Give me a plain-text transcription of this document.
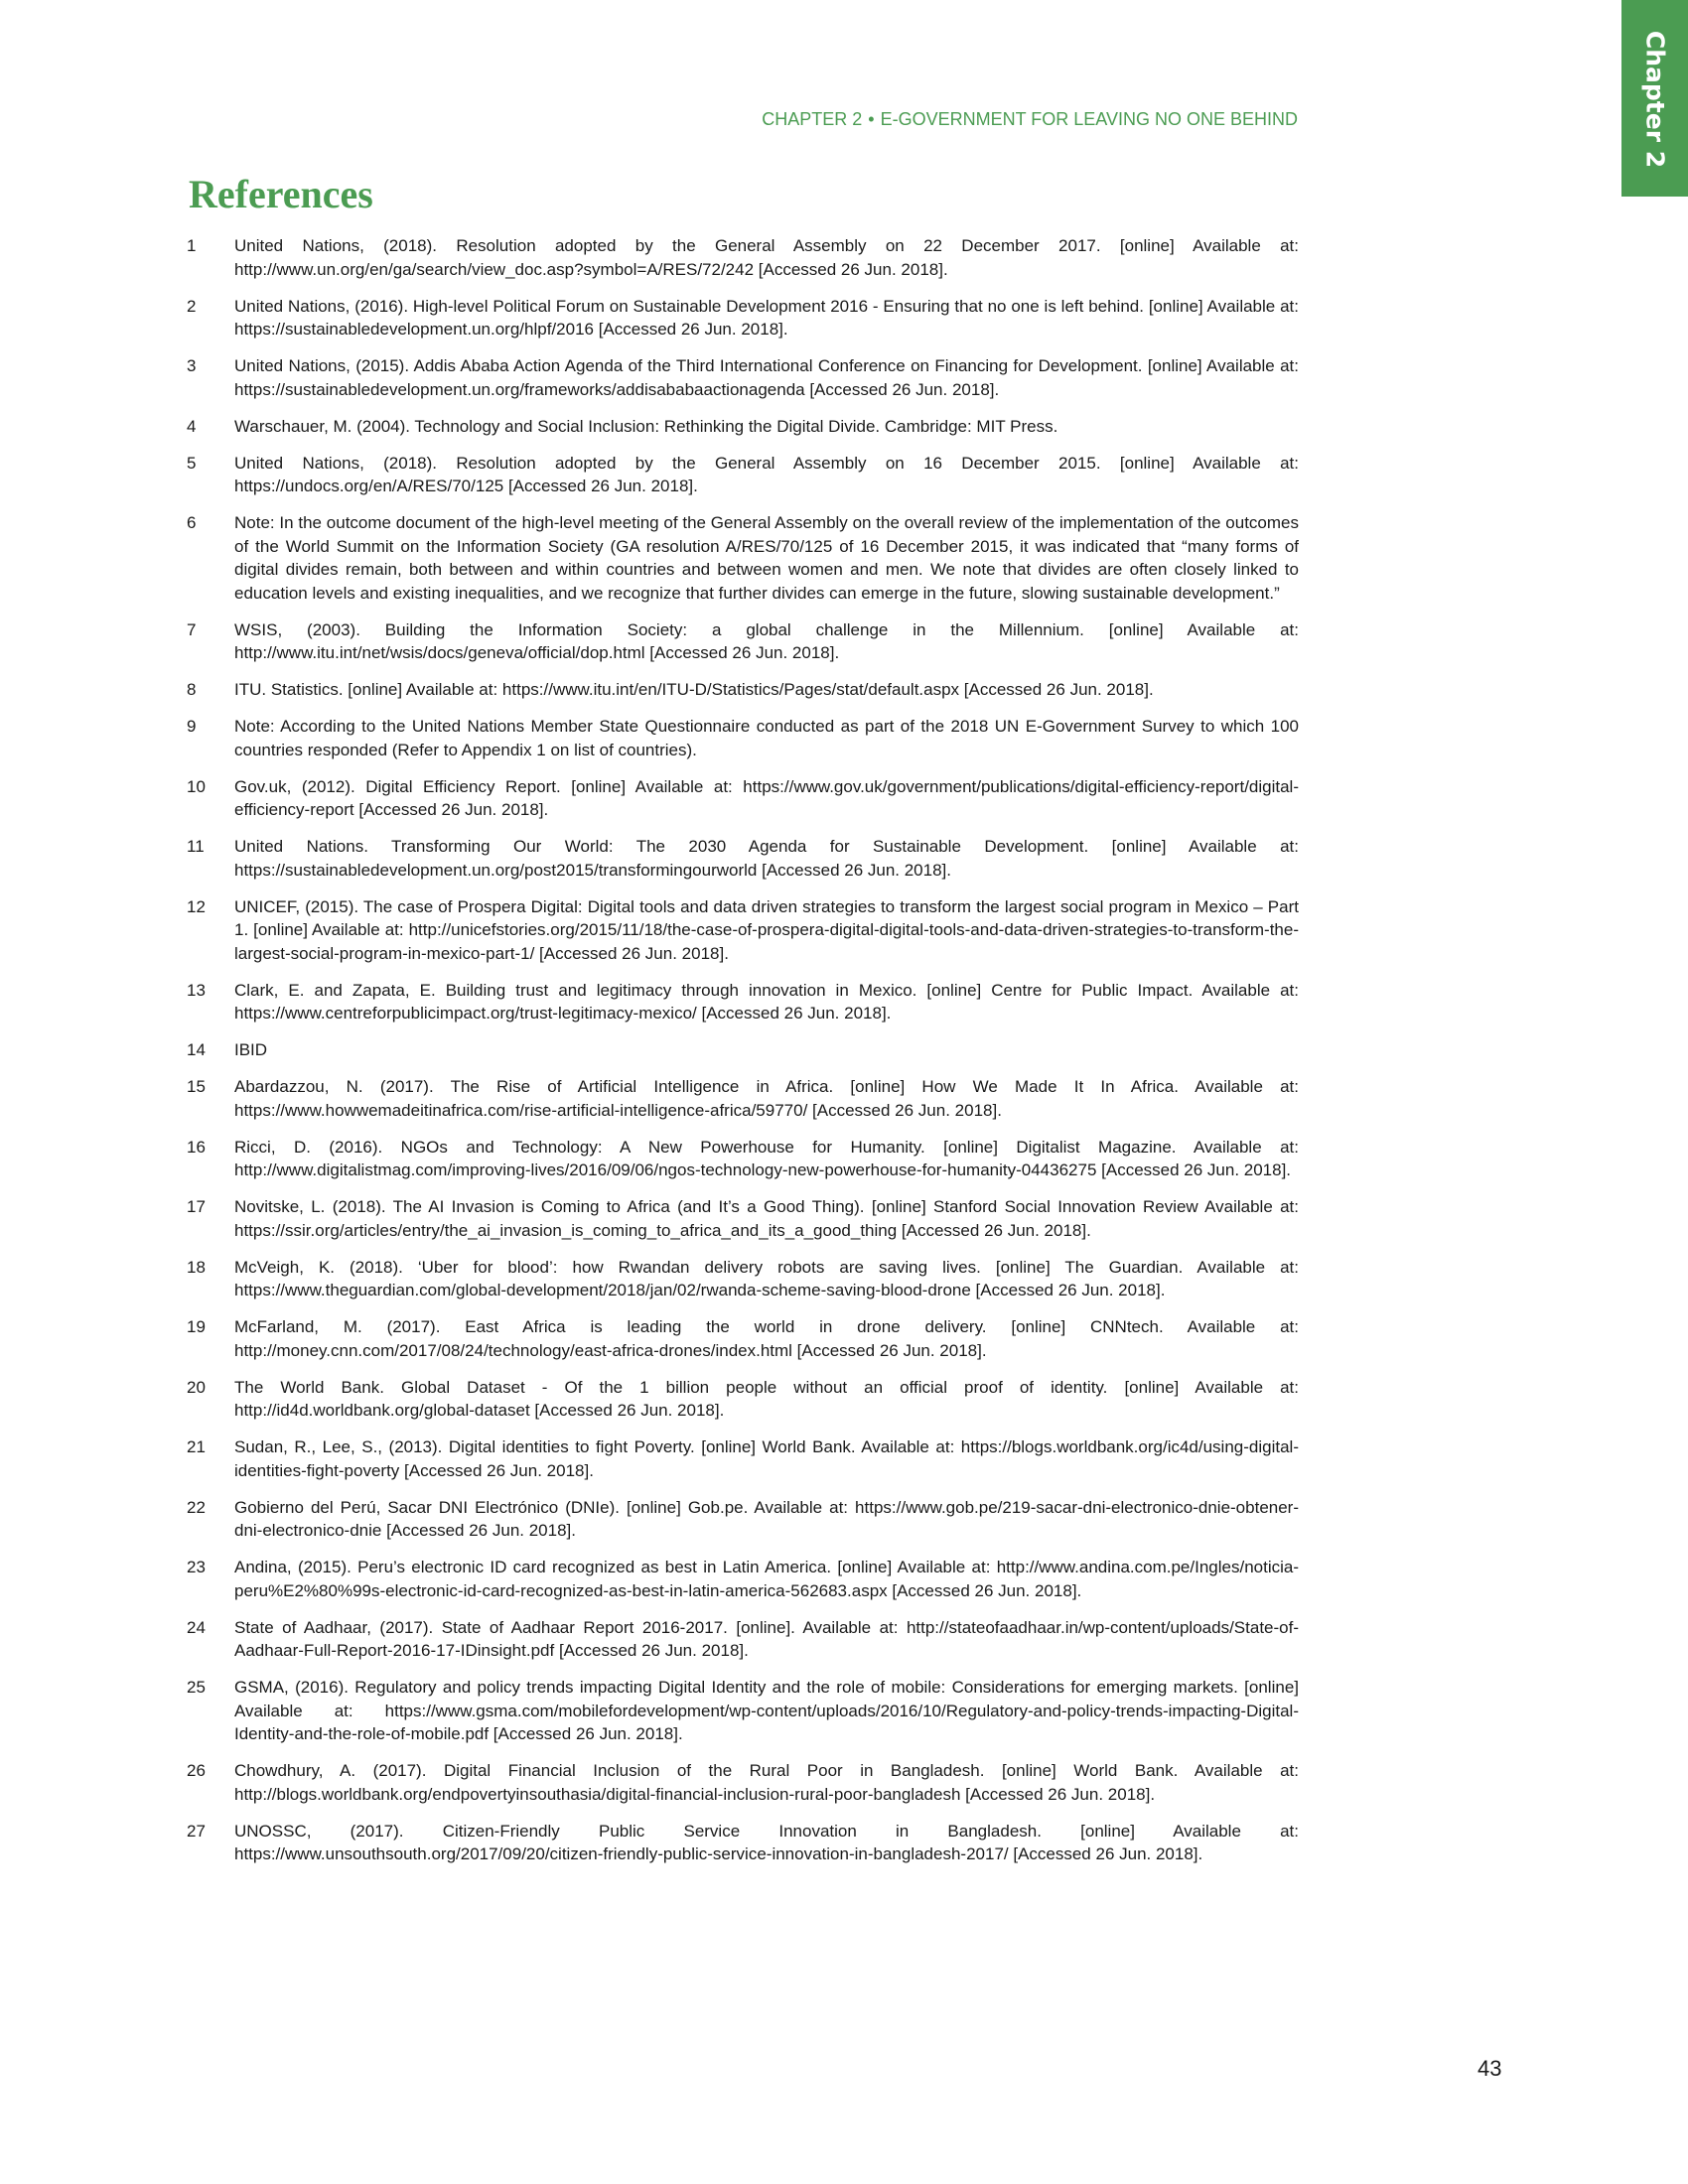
Chapter 2
CHAPTER 2 • E-GOVERNMENT FOR LEAVING NO ONE BEHIND
References
1	United Nations, (2018). Resolution adopted by the General Assembly on 22 December 2017. [online] Available at: http://www.un.org/en/ga/search/view_doc.asp?symbol=A/RES/72/242 [Accessed 26 Jun. 2018].
2	United Nations, (2016). High-level Political Forum on Sustainable Development 2016 - Ensuring that no one is left behind. [online] Available at: https://sustainabledevelopment.un.org/hlpf/2016 [Accessed 26 Jun. 2018].
3	United Nations, (2015). Addis Ababa Action Agenda of the Third International Conference on Financing for Development. [online] Available at: https://sustainabledevelopment.un.org/frameworks/addisababaactionagenda [Accessed 26 Jun. 2018].
4	Warschauer, M. (2004). Technology and Social Inclusion: Rethinking the Digital Divide. Cambridge: MIT Press.
5	United Nations, (2018). Resolution adopted by the General Assembly on 16 December 2015. [online] Available at: https://undocs.org/en/A/RES/70/125 [Accessed 26 Jun. 2018].
6	Note: In the outcome document of the high-level meeting of the General Assembly on the overall review of the implementation of the outcomes of the World Summit on the Information Society (GA resolution A/RES/70/125 of 16 December 2015, it was indicated that “many forms of digital divides remain, both between and within countries and between women and men. We note that divides are often closely linked to education levels and existing inequalities, and we recognize that further divides can emerge in the future, slowing sustainable development.”
7	WSIS, (2003). Building the Information Society: a global challenge in the Millennium. [online] Available at: http://www.itu.int/net/wsis/docs/geneva/official/dop.html [Accessed 26 Jun. 2018].
8	ITU. Statistics. [online] Available at: https://www.itu.int/en/ITU-D/Statistics/Pages/stat/default.aspx [Accessed 26 Jun. 2018].
9	Note: According to the United Nations Member State Questionnaire conducted as part of the 2018 UN E-Government Survey to which 100 countries responded (Refer to Appendix 1 on list of countries).
10	Gov.uk, (2012). Digital Efficiency Report. [online] Available at: https://www.gov.uk/government/publications/digital-efficiency-report/digital-efficiency-report [Accessed 26 Jun. 2018].
11	United Nations. Transforming Our World: The 2030 Agenda for Sustainable Development. [online] Available at: https://sustainabledevelopment.un.org/post2015/transformingourworld [Accessed 26 Jun. 2018].
12	UNICEF, (2015). The case of Prospera Digital: Digital tools and data driven strategies to transform the largest social program in Mexico – Part 1. [online] Available at: http://unicefstories.org/2015/11/18/the-case-of-prospera-digital-digital-tools-and-data-driven-strategies-to-transform-the-largest-social-program-in-mexico-part-1/ [Accessed 26 Jun. 2018].
13	Clark, E. and Zapata, E. Building trust and legitimacy through innovation in Mexico. [online] Centre for Public Impact. Available at: https://www.centreforpublicimpact.org/trust-legitimacy-mexico/ [Accessed 26 Jun. 2018].
14	IBID
15	Abardazzou, N. (2017). The Rise of Artificial Intelligence in Africa. [online] How We Made It In Africa. Available at: https://www.howwemadeitinafrica.com/rise-artificial-intelligence-africa/59770/ [Accessed 26 Jun. 2018].
16	Ricci, D. (2016). NGOs and Technology: A New Powerhouse for Humanity. [online] Digitalist Magazine. Available at: http://www.digitalistmag.com/improving-lives/2016/09/06/ngos-technology-new-powerhouse-for-humanity-04436275 [Accessed 26 Jun. 2018].
17	Novitske, L. (2018). The AI Invasion is Coming to Africa (and It’s a Good Thing). [online] Stanford Social Innovation Review Available at: https://ssir.org/articles/entry/the_ai_invasion_is_coming_to_africa_and_its_a_good_thing [Accessed 26 Jun. 2018].
18	McVeigh, K. (2018). ‘Uber for blood’: how Rwandan delivery robots are saving lives. [online] The Guardian. Available at: https://www.theguardian.com/global-development/2018/jan/02/rwanda-scheme-saving-blood-drone [Accessed 26 Jun. 2018].
19	McFarland, M. (2017). East Africa is leading the world in drone delivery. [online] CNNtech. Available at: http://money.cnn.com/2017/08/24/technology/east-africa-drones/index.html [Accessed 26 Jun. 2018].
20	The World Bank. Global Dataset - Of the 1 billion people without an official proof of identity. [online] Available at: http://id4d.worldbank.org/global-dataset [Accessed 26 Jun. 2018].
21	Sudan, R., Lee, S., (2013). Digital identities to fight Poverty. [online] World Bank. Available at: https://blogs.worldbank.org/ic4d/using-digital-identities-fight-poverty [Accessed 26 Jun. 2018].
22	Gobierno del Perú, Sacar DNI Electrónico (DNIe). [online] Gob.pe. Available at: https://www.gob.pe/219-sacar-dni-electronico-dnie-obtener-dni-electronico-dnie [Accessed 26 Jun. 2018].
23	Andina, (2015). Peru’s electronic ID card recognized as best in Latin America. [online] Available at: http://www.andina.com.pe/Ingles/noticia-peru%E2%80%99s-electronic-id-card-recognized-as-best-in-latin-america-562683.aspx [Accessed 26 Jun. 2018].
24	State of Aadhaar, (2017). State of Aadhaar Report 2016-2017. [online]. Available at: http://stateofaadhaar.in/wp-content/uploads/State-of-Aadhaar-Full-Report-2016-17-IDinsight.pdf [Accessed 26 Jun. 2018].
25	GSMA, (2016). Regulatory and policy trends impacting Digital Identity and the role of mobile: Considerations for emerging markets. [online] Available at: https://www.gsma.com/mobilefordevelopment/wp-content/uploads/2016/10/Regulatory-and-policy-trends-impacting-Digital-Identity-and-the-role-of-mobile.pdf [Accessed 26 Jun. 2018].
26	Chowdhury, A. (2017). Digital Financial Inclusion of the Rural Poor in Bangladesh. [online] World Bank. Available at: http://blogs.worldbank.org/endpovertyinsouthasia/digital-financial-inclusion-rural-poor-bangladesh [Accessed 26 Jun. 2018].
27	UNOSSC, (2017). Citizen-Friendly Public Service Innovation in Bangladesh. [online] Available at: https://www.unsouthsouth.org/2017/09/20/citizen-friendly-public-service-innovation-in-bangladesh-2017/ [Accessed 26 Jun. 2018].
43
